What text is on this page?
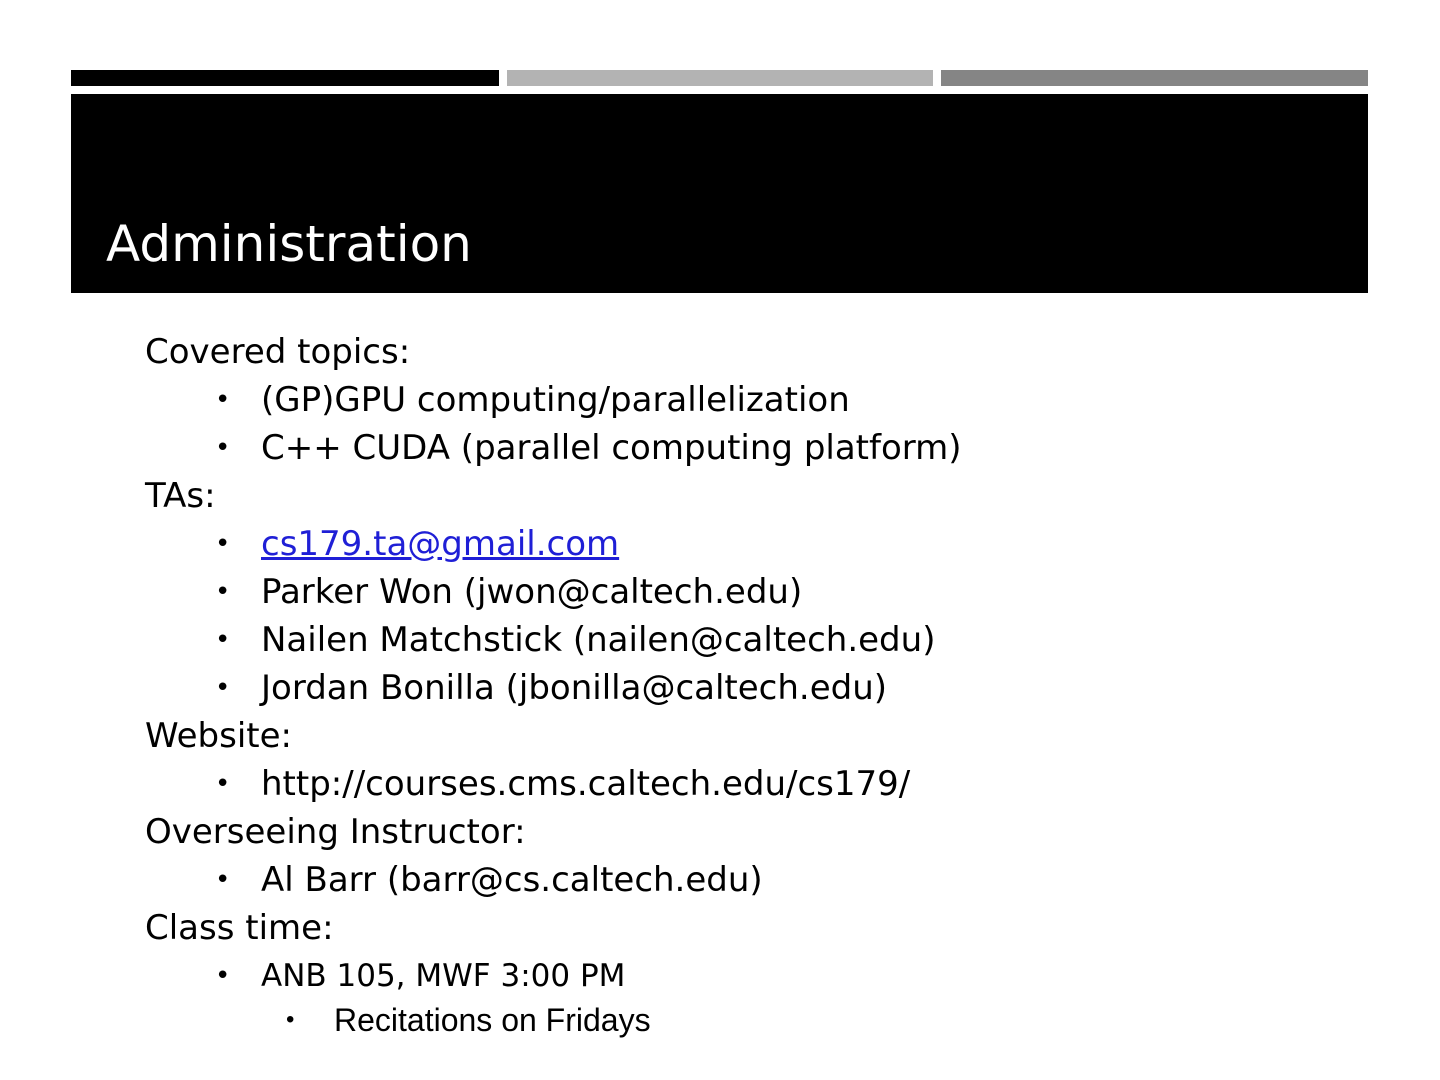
Administration
Covered topics:
• (GP)GPU computing/parallelization
• C++ CUDA (parallel computing platform)
TAs:
• cs179.ta@gmail.com
• Parker Won (jwon@caltech.edu)
• Nailen Matchstick (nailen@caltech.edu)
• Jordan Bonilla (jbonilla@caltech.edu)
Website:
• http://courses.cms.caltech.edu/cs179/
Overseeing Instructor:
• Al Barr (barr@cs.caltech.edu)
Class time:
• ANB 105, MWF 3:00 PM
•	Recitations on Fridays
